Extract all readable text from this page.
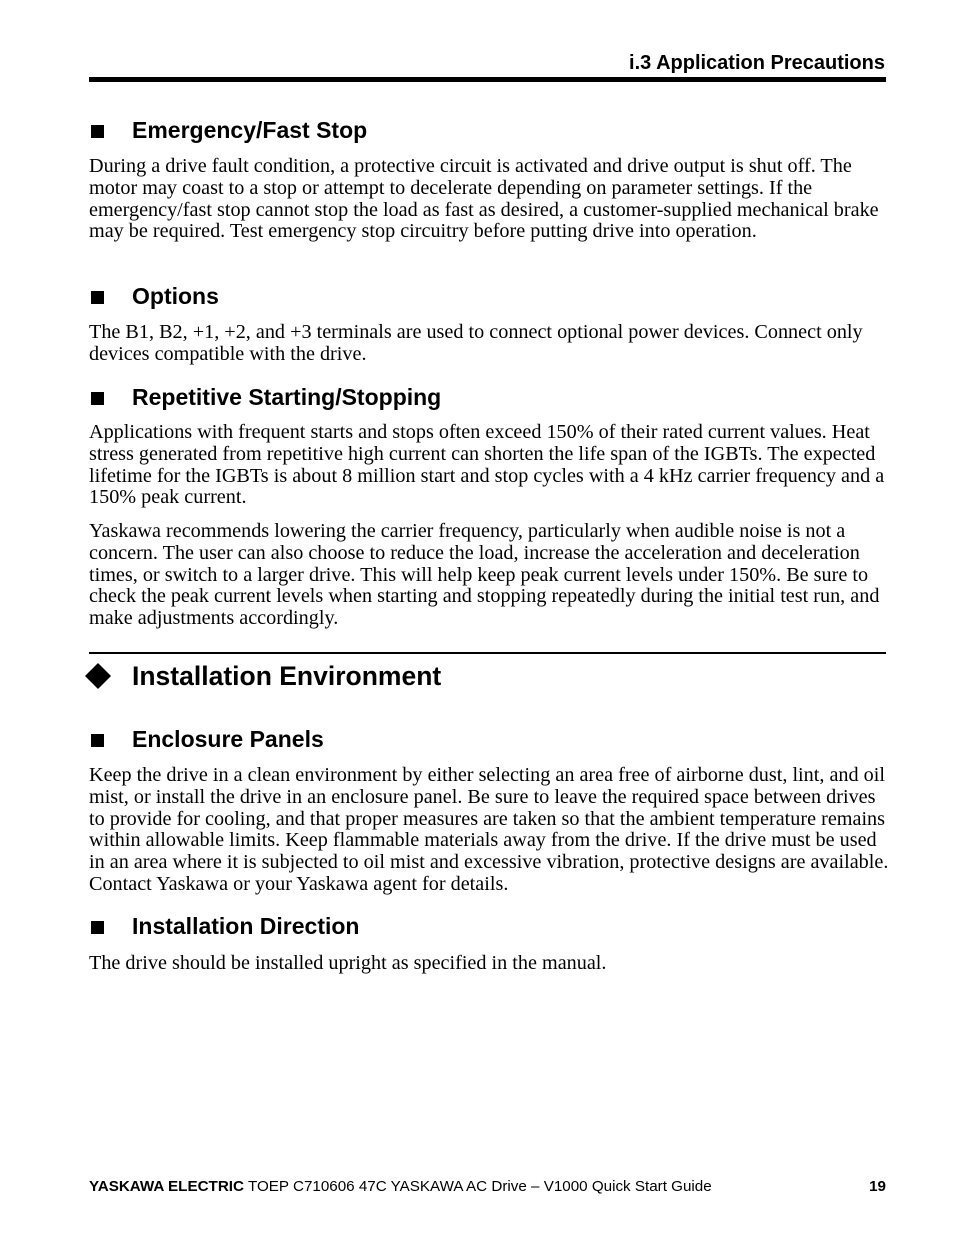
i.3 Application Precautions
Emergency/Fast Stop
During a drive fault condition, a protective circuit is activated and drive output is shut off. The motor may coast to a stop or attempt to decelerate depending on parameter settings. If the emergency/fast stop cannot stop the load as fast as desired, a customer-supplied mechanical brake may be required. Test emergency stop circuitry before putting drive into operation.
Options
The B1, B2, +1, +2, and +3 terminals are used to connect optional power devices. Connect only devices compatible with the drive.
Repetitive Starting/Stopping
Applications with frequent starts and stops often exceed 150% of their rated current values. Heat stress generated from repetitive high current can shorten the life span of the IGBTs. The expected lifetime for the IGBTs is about 8 million start and stop cycles with a 4 kHz carrier frequency and a 150% peak current.
Yaskawa recommends lowering the carrier frequency, particularly when audible noise is not a concern. The user can also choose to reduce the load, increase the acceleration and deceleration times, or switch to a larger drive. This will help keep peak current levels under 150%. Be sure to check the peak current levels when starting and stopping repeatedly during the initial test run, and make adjustments accordingly.
Installation Environment
Enclosure Panels
Keep the drive in a clean environment by either selecting an area free of airborne dust, lint, and oil mist, or install the drive in an enclosure panel. Be sure to leave the required space between drives to provide for cooling, and that proper measures are taken so that the ambient temperature remains within allowable limits. Keep flammable materials away from the drive. If the drive must be used in an area where it is subjected to oil mist and excessive vibration, protective designs are available. Contact Yaskawa or your Yaskawa agent for details.
Installation Direction
The drive should be installed upright as specified in the manual.
YASKAWA ELECTRIC TOEP C710606 47C YASKAWA AC Drive – V1000 Quick Start Guide	19
